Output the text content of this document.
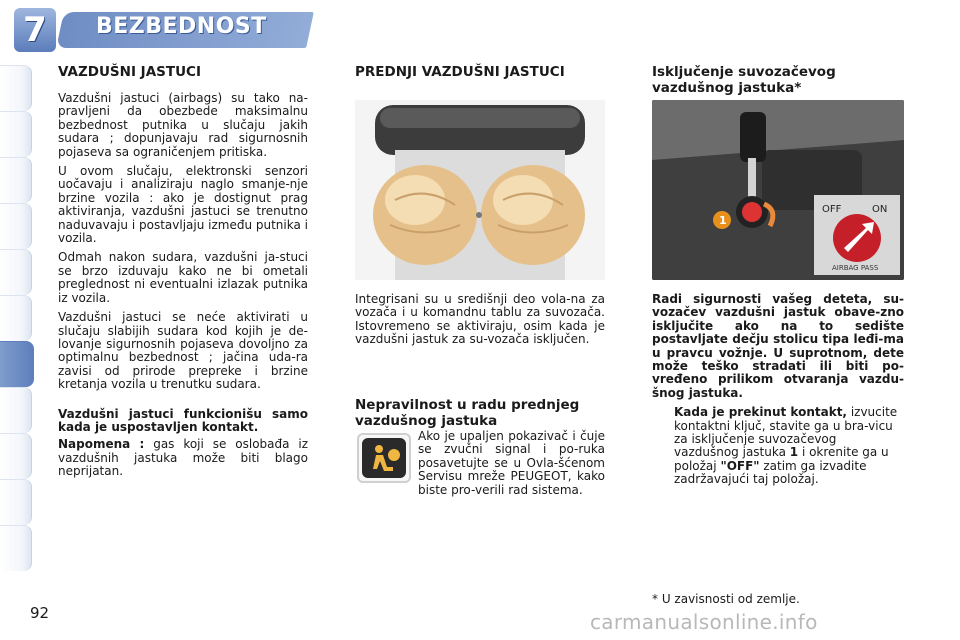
7	BEZBEDNOST
VAZDUŠNI JASTUCI

Vazdušni jastuci (airbags) su tako na-pravljeni da obezbede maksimalnu bezbednost putnika u slučaju jakih sudara ; dopunjavaju rad sigurnosnih pojaseva sa ograničenjem pritiska.

U ovom slučaju, elektronski senzori uočavaju i analiziraju naglo smanje-nje brzine vozila : ako je dostignut prag aktiviranja, vazdušni jastuci se trenutno naduvavaju i postavljaju između putnika i vozila.

Odmah nakon sudara, vazdušni ja-stuci se brzo izduvaju kako ne bi ometali preglednost ni eventualni izlazak putnika iz vozila.

Vazdušni jastuci se neće aktivirati u slučaju slabijih sudara kod kojih je de-lovanje sigurnosnih pojaseva dovoljno za optimalnu bezbednost ; jačina uda-ra zavisi od prirode prepreke i brzine kretanja vozila u trenutku sudara.

Vazdušni jastuci funkcionišu samo kada je uspostavljen kontakt.

Napomena : gas koji se oslobađa iz vazdušnih jastuka može biti blago neprijatan.

PREDNJI VAZDUŠNI JASTUCI

Integrisani su u središnji deo vola-na za vozača i u komandnu tablu za suvozača. Istovremeno se aktiviraju, osim kada je vazdušni jastuk za su-vozača isključen.

Nepravilnost u radu prednjeg vazdušnog jastuka

Ako je upaljen pokazivač i čuje se zvučni signal i po-ruka posavetujte se u Ovla-šćenom Servisu mreže PEUGEOT, kako biste pro-verili rad sistema.

Isključenje suvozačevog vazdušnog jastuka*
1
OFF	ON
AIRBAG PASS

Radi sigurnosti vašeg deteta, su-vozačev vazdušni jastuk obave-zno isključite ako na to sedište postavljate dečju stolicu tipa leđi-ma u pravcu vožnje. U suprotnom, dete može teško stradati ili biti po-vređeno prilikom otvaranja vazdu-šnog jastuka.

Kada je prekinut kontakt, izvucite kontaktni ključ, stavite ga u bra-vicu za isključenje suvozačevog vazdušnog jastuka 1 i okrenite ga u položaj "OFF" zatim ga izvadite zadržavajući taj položaj.

* U zavisnosti od zemlje.
92	carmanualsonline.info
